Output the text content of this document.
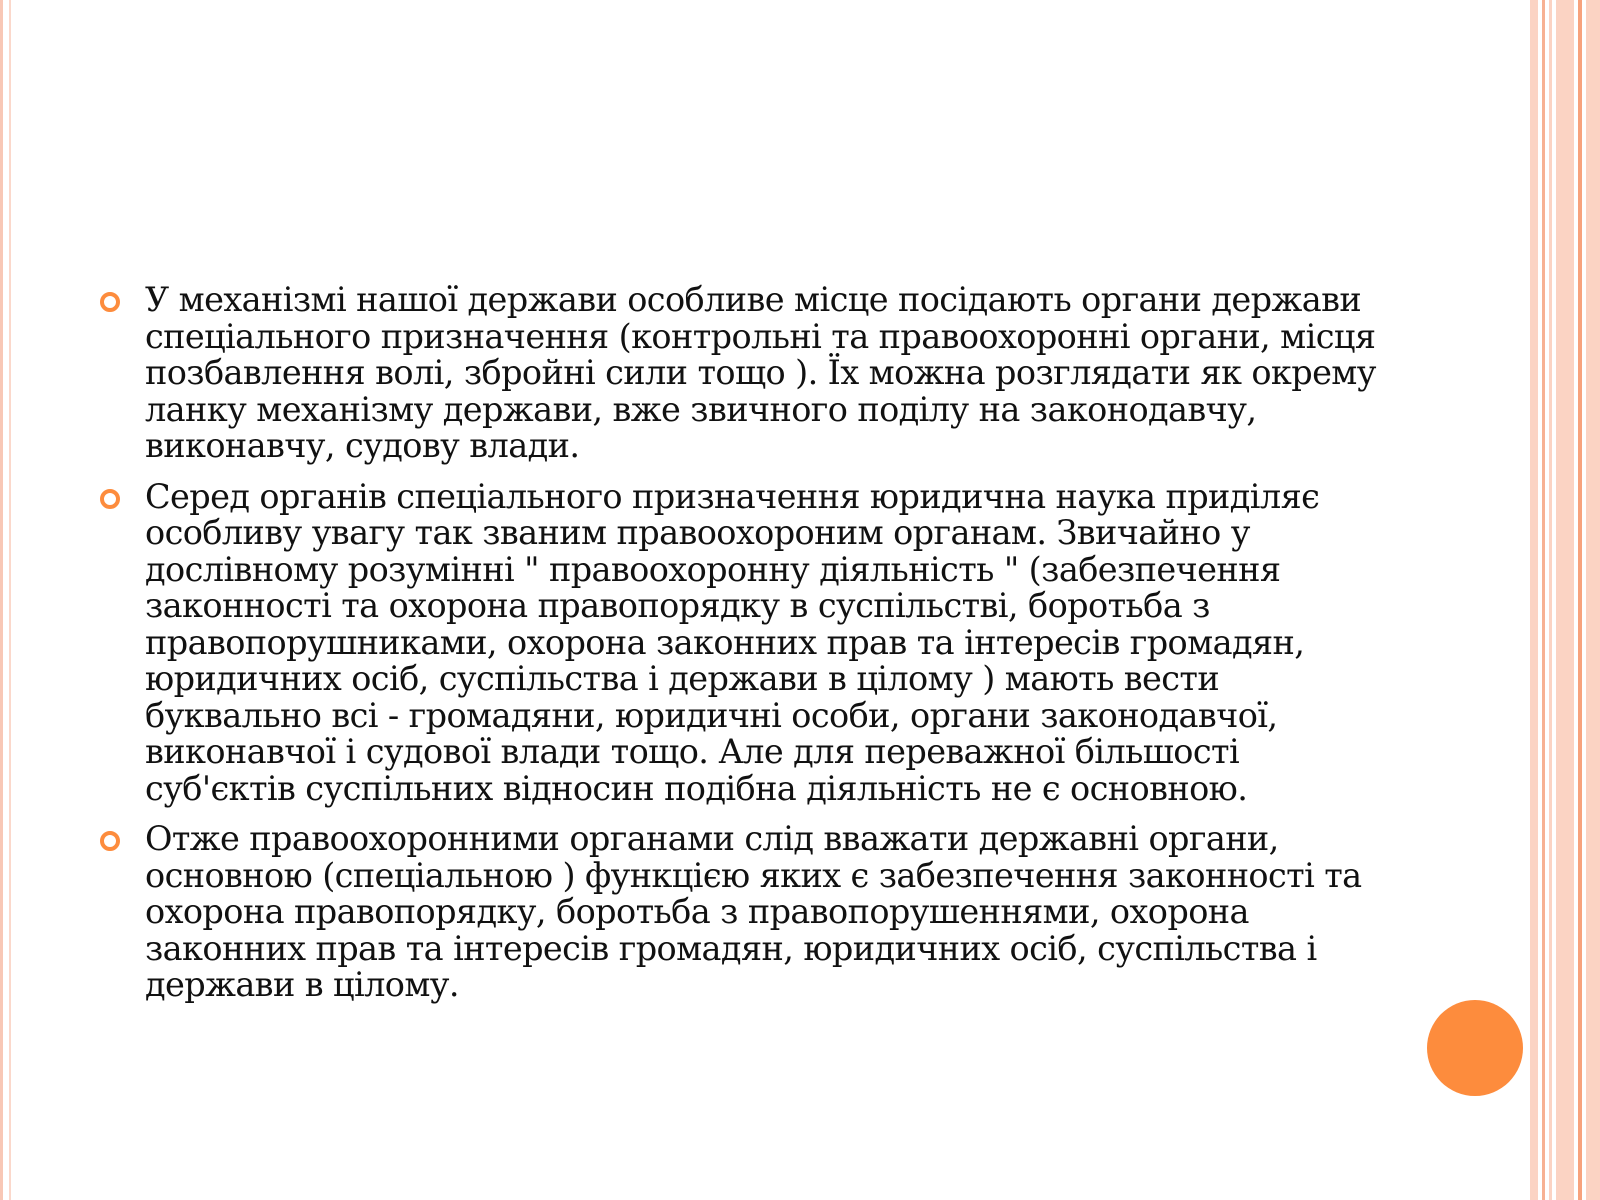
У механізмі нашої держави особливе місце посідають органи держави спеціального призначення (контрольні та правоохоронні органи, місця позбавлення волі, збройні сили тощо ). Їх можна розглядати як окрему ланку механізму держави, вже звичного поділу на законодавчу, виконавчу, судову влади.
Серед органів спеціального призначення юридична наука приділяє особливу увагу так званим правоохороним органам. Звичайно у дослівному розумінні " правоохоронну діяльність " (забезпечення законності та охорона правопорядку в суспільстві, боротьба з правопорушниками, охорона законних прав та інтересів громадян, юридичних осіб, суспільства і держави в цілому ) мають вести буквально всі - громадяни, юридичні особи, органи законодавчої, виконавчої і судової влади тощо. Але для переважної більшості суб'єктів суспільних відносин подібна діяльність не є основною.
Отже правоохоронними органами слід вважати державні органи, основною (спеціальною ) функцією яких є забезпечення законності та охорона правопорядку, боротьба з правопорушеннями, охорона законних прав та інтересів громадян, юридичних осіб, суспільства і держави в цілому.
